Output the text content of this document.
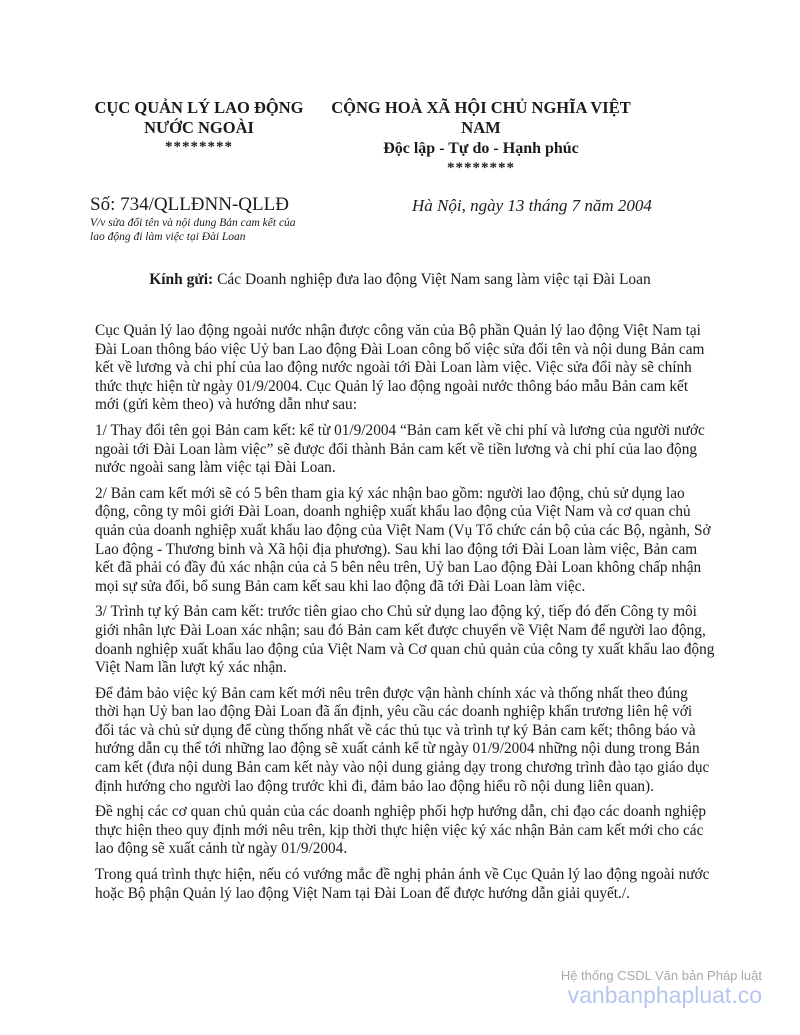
CỤC QUẢN LÝ LAO ĐỘNG
NƯỚC NGOÀI
********
CỘNG HOÀ XÃ HỘI CHỦ NGHĨA VIỆT
NAM
Độc lập - Tự do - Hạnh phúc
********
Số: 734/QLLĐNN-QLLĐ
V/v sửa đổi tên và nội dung Bản cam kết của
lao động đi làm việc tại Đài Loan
Hà Nội, ngày 13 tháng 7 năm 2004
Kính gửi: Các Doanh nghiệp đưa lao động Việt Nam sang làm việc tại Đài Loan

Cục Quản lý lao động ngoài nước nhận được công văn của Bộ phần Quản lý lao động Việt Nam tại Đài Loan thông báo việc Uỷ ban Lao động Đài Loan công bố việc sửa đổi tên và nội dung Bản cam kết về lương và chi phí của lao động nước ngoài tới Đài Loan làm việc. Việc sửa đổi này sẽ chính thức thực hiện từ ngày 01/9/2004. Cục Quản lý lao động ngoài nước thông báo mẫu Bản cam kết mới (gửi kèm theo) và hướng dẫn như sau:

1/ Thay đổi tên gọi Bản cam kết: kể từ 01/9/2004 “Bản cam kết về chi phí và lương của người nước ngoài tới Đài Loan làm việc” sẽ được đổi thành Bản cam kết về tiền lương và chi phí của lao động nước ngoài sang làm việc tại Đài Loan.

2/ Bản cam kết mới sẽ có 5 bên tham gia ký xác nhận bao gồm: người lao động, chủ sử dụng lao động, công ty môi giới Đài Loan, doanh nghiệp xuất khẩu lao động của Việt Nam và cơ quan chủ quản của doanh nghiệp xuất khẩu lao động của Việt Nam (Vụ Tổ chức cán bộ của các Bộ, ngành, Sở Lao động - Thương binh và Xã hội địa phương). Sau khi lao động tới Đài Loan làm việc, Bản cam kết đã phải có đầy đủ xác nhận của cả 5 bên nêu trên, Uỷ ban Lao động Đài Loan không chấp nhận mọi sự sửa đổi, bổ sung Bản cam kết sau khi lao động đã tới Đài Loan làm việc.

3/ Trình tự ký Bản cam kết: trước tiên giao cho Chủ sử dụng lao động ký, tiếp đó đến Công ty môi giới nhân lực Đài Loan xác nhận; sau đó Bản cam kết được chuyển về Việt Nam để người lao động, doanh nghiệp xuất khẩu lao động của Việt Nam và Cơ quan chủ quản của công ty xuất khẩu lao động Việt Nam lần lượt ký xác nhận.

Để đảm bảo việc ký Bản cam kết mới nêu trên được vận hành chính xác và thống nhất theo đúng thời hạn Uỷ ban lao động Đài Loan đã ấn định, yêu cầu các doanh nghiệp khẩn trương liên hệ với đối tác và chủ sử dụng để cùng thống nhất về các thủ tục và trình tự ký Bản cam kết; thông báo và hướng dẫn cụ thể tới những lao động sẽ xuất cảnh kể từ ngày 01/9/2004 những nội dung trong Bản cam kết (đưa nội dung Bản cam kết này vào nội dung giảng dạy trong chương trình đào tạo giáo dục định hướng cho người lao động trước khi đi, đảm bảo lao động hiểu rõ nội dung liên quan).

Đề nghị các cơ quan chủ quản của các doanh nghiệp phối hợp hướng dẫn, chi đạo các doanh nghiệp thực hiện theo quy định mới nêu trên, kịp thời thực hiện việc ký xác nhận Bản cam kết mới cho các lao động sẽ xuất cảnh từ ngày 01/9/2004.

Trong quá trình thực hiện, nếu có vướng mắc đề nghị phản ánh về Cục Quản lý lao động ngoài nước hoặc Bộ phận Quản lý lao động Việt Nam tại Đài Loan để được hướng dẫn giải quyết./.

Hệ thống CSDL Văn bản Pháp luật
vanbanphapluat.co
